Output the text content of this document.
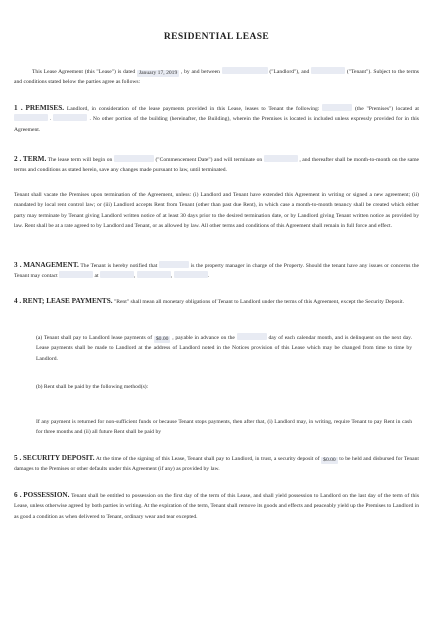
RESIDENTIAL LEASE
This Lease Agreement (this "Lease") is dated January 17, 2019 , by and between	("Landlord"), and	("Tenant"). Subject to the terms and conditions stated below the parties agree as follows:
1 . PREMISES. Landlord, in consideration of the lease payments provided in this Lease, leases to Tenant the following:	(the "Premises") located at  .	. No other portion of the building (hereinafter, the Building), wherein the Premises is located is included unless expressly provided for in this Agreement.
2 . TERM. The lease term will begin on	("Commencement Date") and will terminate on	, and thereafter shall be month-to-month on the same terms and conditions as stated herein, save any changes made pursuant to law, until terminated.
Tenant shall vacate the Premises upon termination of the Agreement, unless: (i) Landlord and Tenant have extended this Agreement in writing or signed a new agreement; (ii) mandated by local rent control law; or (iii) Landlord accepts Rent from Tenant (other than past due Rent), in which case a month-to-month tenancy shall be created which either party may terminate by Tenant giving Landlord written notice of at least 30 days prior to the desired termination date, or by Landlord giving Tenant written notice as provided by law. Rent shall be at a rate agreed to by Landlord and Tenant, or as allowed by law. All other terms and conditions of this Agreement shall remain in full force and effect.
3 . MANAGEMENT. The Tenant is hereby notified that	is the property manager in charge of the Property. Should the tenant have any issues or concerns the Tenant may contact	at	,	,	.
4 . RENT; LEASE PAYMENTS. "Rent" shall mean all monetary obligations of Tenant to Landlord under the terms of this Agreement, except the Security Deposit.
(a) Tenant shall pay to Landlord lease payments of $0.00 , payable in advance on the	day of each calendar month, and is delinquent on the next day. Lease payments shall be made to Landlord at the address of Landlord noted in the Notices provision of this Lease which may be changed from time to time by Landlord.
(b) Rent shall be paid by the following method(s):
If any payment is returned for non-sufficient funds or because Tenant stops payments, then after that, (i) Landlord may, in writing, require Tenant to pay Rent in cash for three months and (ii) all future Rent shall be paid by
5 . SECURITY DEPOSIT. At the time of the signing of this Lease, Tenant shall pay to Landlord, in trust, a security deposit of $0.00 to be held and disbursed for Tenant damages to the Premises or other defaults under this Agreement (if any) as provided by law.
6 . POSSESSION. Tenant shall be entitled to possession on the first day of the term of this Lease, and shall yield possession to Landlord on the last day of the term of this Lease, unless otherwise agreed by both parties in writing. At the expiration of the term, Tenant shall remove its goods and effects and peaceably yield up the Premises to Landlord in as good a condition as when delivered to Tenant, ordinary wear and tear excepted.
